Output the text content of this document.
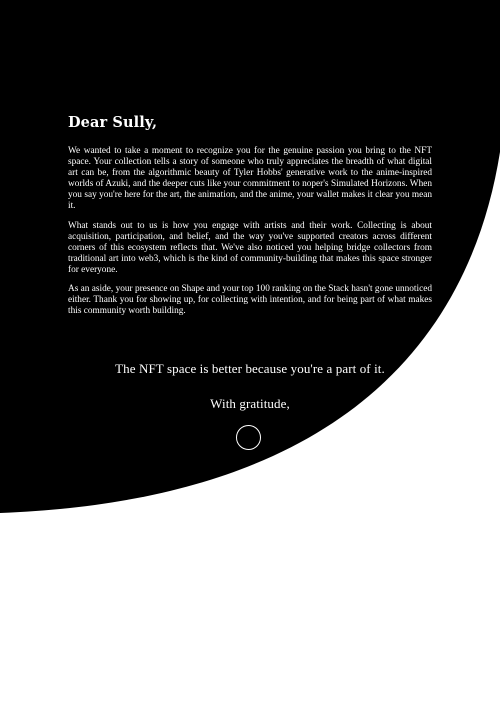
Dear Sully,

We wanted to take a moment to recognize you for the genuine passion you bring to the NFT space. Your collection tells a story of someone who truly appreciates the breadth of what digital art can be, from the algorithmic beauty of Tyler Hobbs' generative work to the anime-inspired worlds of Azuki, and the deeper cuts like your commitment to noper's Simulated Horizons. When you say you're here for the art, the animation, and the anime, your wallet makes it clear you mean it.

What stands out to us is how you engage with artists and their work. Collecting is about acquisition, participation, and belief, and the way you've supported creators across different corners of this ecosystem reflects that. We've also noticed you helping bridge collectors from traditional art into web3, which is the kind of community-building that makes this space stronger for everyone.

As an aside, your presence on Shape and your top 100 ranking on the Stack hasn't gone unnoticed either. Thank you for showing up, for collecting with intention, and for being part of what makes this community worth building.

The NFT space is better because you're a part of it.
With gratitude,
